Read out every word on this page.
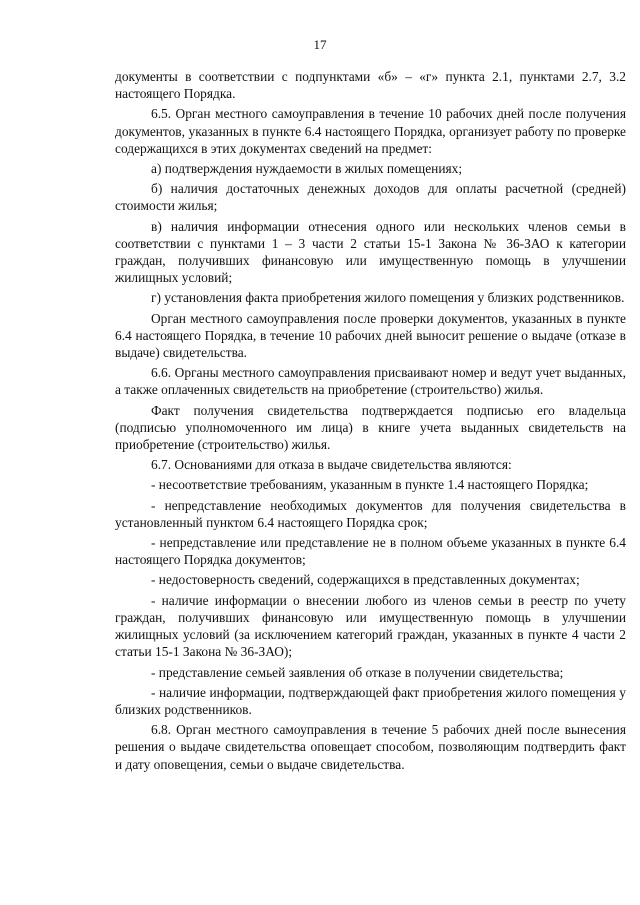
17

документы в соответствии с подпунктами «б» – «г» пункта 2.1, пунктами 2.7, 3.2 настоящего Порядка.

6.5. Орган местного самоуправления в течение 10 рабочих дней после получения документов, указанных в пункте 6.4 настоящего Порядка, организует работу по проверке содержащихся в этих документах сведений на предмет:

а) подтверждения нуждаемости в жилых помещениях;

б) наличия достаточных денежных доходов для оплаты расчетной (средней) стоимости жилья;

в) наличия информации отнесения одного или нескольких членов семьи в соответствии с пунктами 1 – 3 части 2 статьи 15-1 Закона № 36-ЗАО к категории граждан, получивших финансовую или имущественную помощь в улучшении жилищных условий;

г) установления факта приобретения жилого помещения у близких родственников.

Орган местного самоуправления после проверки документов, указанных в пункте 6.4 настоящего Порядка, в течение 10 рабочих дней выносит решение о выдаче (отказе в выдаче) свидетельства.

6.6. Органы местного самоуправления присваивают номер и ведут учет выданных, а также оплаченных свидетельств на приобретение (строительство) жилья.

Факт получения свидетельства подтверждается подписью его владельца (подписью уполномоченного им лица) в книге учета выданных свидетельств на приобретение (строительство) жилья.

6.7. Основаниями для отказа в выдаче свидетельства являются:

- несоответствие требованиям, указанным в пункте 1.4 настоящего Порядка;

- непредставление необходимых документов для получения свидетельства в установленный пунктом 6.4 настоящего Порядка срок;

- непредставление или представление не в полном объеме указанных в пункте 6.4 настоящего Порядка документов;

- недостоверность сведений, содержащихся в представленных документах;

- наличие информации о внесении любого из членов семьи в реестр по учету граждан, получивших финансовую или имущественную помощь в улучшении жилищных условий (за исключением категорий граждан, указанных в пункте 4 части 2 статьи 15-1 Закона № 36-ЗАО);

- представление семьей заявления об отказе в получении свидетельства;

- наличие информации, подтверждающей факт приобретения жилого помещения у близких родственников.

6.8. Орган местного самоуправления в течение 5 рабочих дней после вынесения решения о выдаче свидетельства оповещает способом, позволяющим подтвердить факт и дату оповещения, семьи о выдаче свидетельства.
